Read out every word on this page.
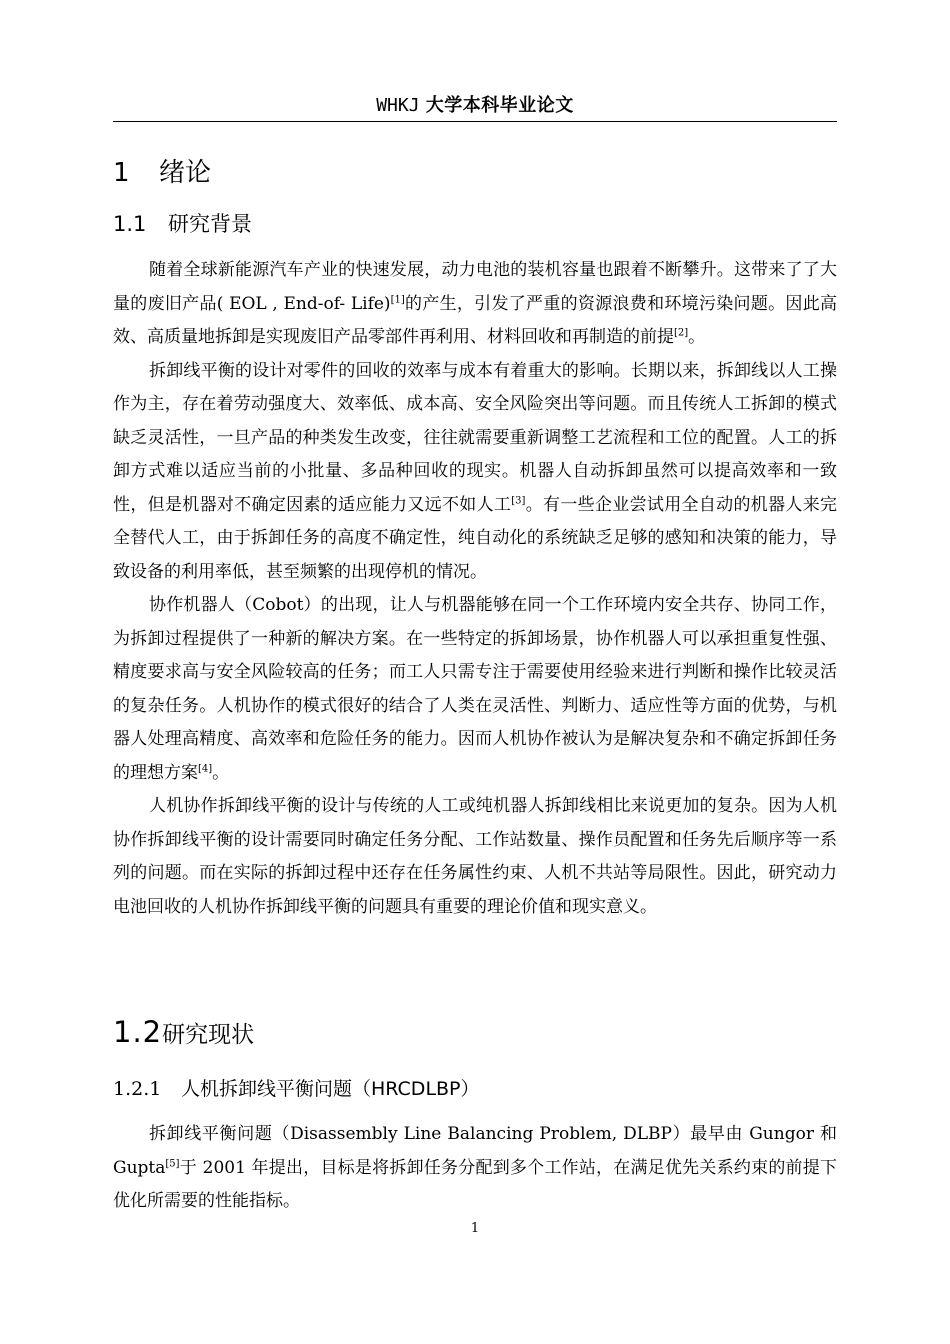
WHKJ 大学本科毕业论文
1 绪论
1.1 研究背景

随着全球新能源汽车产业的快速发展，动力电池的装机容量也跟着不断攀升。这带来了了大量的废旧产品( EOL , End-of- Life)[1]的产生，引发了严重的资源浪费和环境污染问题。因此高效、高质量地拆卸是实现废旧产品零部件再利用、材料回收和再制造的前提[2]。

拆卸线平衡的设计对零件的回收的效率与成本有着重大的影响。长期以来，拆卸线以人工操作为主，存在着劳动强度大、效率低、成本高、安全风险突出等问题。而且传统人工拆卸的模式缺乏灵活性，一旦产品的种类发生改变，往往就需要重新调整工艺流程和工位的配置。人工的拆卸方式难以适应当前的小批量、多品种回收的现实。机器人自动拆卸虽然可以提高效率和一致性，但是机器对不确定因素的适应能力又远不如人工[3]。有一些企业尝试用全自动的机器人来完全替代人工，由于拆卸任务的高度不确定性，纯自动化的系统缺乏足够的感知和决策的能力，导致设备的利用率低，甚至频繁的出现停机的情况。

协作机器人（Cobot）的出现，让人与机器能够在同一个工作环境内安全共存、协同工作，为拆卸过程提供了一种新的解决方案。在一些特定的拆卸场景，协作机器人可以承担重复性强、精度要求高与安全风险较高的任务；而工人只需专注于需要使用经验来进行判断和操作比较灵活的复杂任务。人机协作的模式很好的结合了人类在灵活性、判断力、适应性等方面的优势，与机器人处理高精度、高效率和危险任务的能力。因而人机协作被认为是解决复杂和不确定拆卸任务的理想方案[4]。

人机协作拆卸线平衡的设计与传统的人工或纯机器人拆卸线相比来说更加的复杂。因为人机协作拆卸线平衡的设计需要同时确定任务分配、工作站数量、操作员配置和任务先后顺序等一系列的问题。而在实际的拆卸过程中还存在任务属性约束、人机不共站等局限性。因此，研究动力电池回收的人机协作拆卸线平衡的问题具有重要的理论价值和现实意义。

1.2研究现状
1.2.1 人机拆卸线平衡问题（HRCDLBP）

拆卸线平衡问题（Disassembly Line Balancing Problem, DLBP）最早由 Gungor 和 Gupta[5]于 2001 年提出，目标是将拆卸任务分配到多个工作站，在满足优先关系约束的前提下优化所需要的性能指标。

1
